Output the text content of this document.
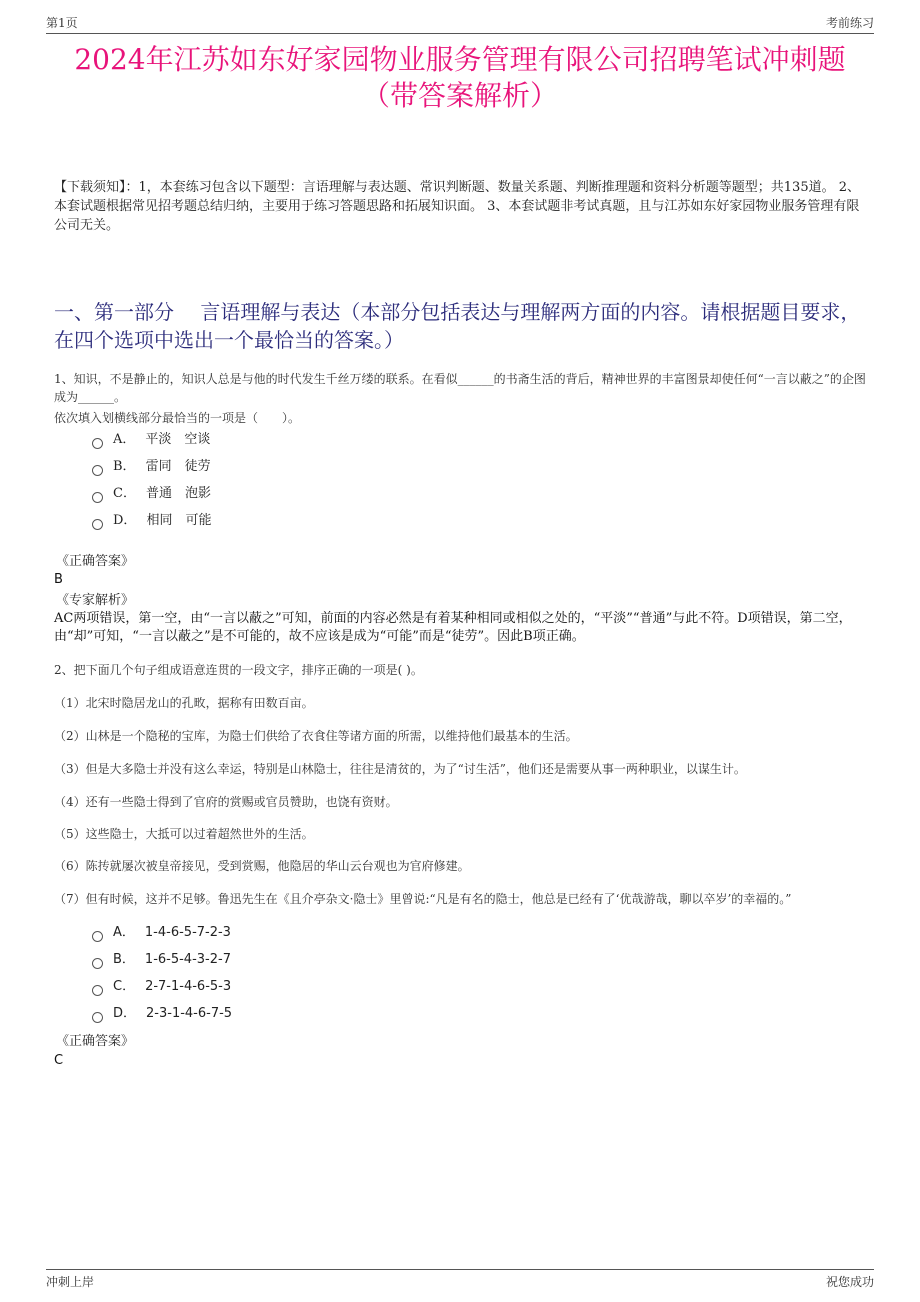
第1页	考前练习
2024年江苏如东好家园物业服务管理有限公司招聘笔试冲刺题
（带答案解析）
【下载须知】：1，本套练习包含以下题型：言语理解与表达题、常识判断题、数量关系题、判断推理题和资料分析题等题型；共135道。 2、本套试题根据常见招考题总结归纳，主要用于练习答题思路和拓展知识面。 3、本套试题非考试真题，且与江苏如东好家园物业服务管理有限公司无关。
一、第一部分　 言语理解与表达（本部分包括表达与理解两方面的内容。请根据题目要求，在四个选项中选出一个最恰当的答案。）
1、知识，不是静止的，知识人总是与他的时代发生千丝万缕的联系。在看似______的书斋生活的背后，精神世界的丰富图景却使任何“一言以蔽之”的企图成为______。
依次填入划横线部分最恰当的一项是（　　）。
A． 平淡　空谈
B． 雷同　徒劳
C． 普通　泡影
D． 相同　可能
《正确答案》
B
《专家解析》
AC两项错误，第一空，由“一言以蔽之”可知，前面的内容必然是有着某种相同或相似之处的，“平淡”“普通”与此不符。D项错误，第二空，由“却”可知，“一言以蔽之”是不可能的，故不应该是成为“可能”而是“徒劳”。因此B项正确。
2、把下面几个句子组成语意连贯的一段文字，排序正确的一项是( )。
（1）北宋时隐居龙山的孔畋，据称有田数百亩。
（2）山林是一个隐秘的宝库，为隐士们供给了衣食住等诸方面的所需，以维持他们最基本的生活。
（3）但是大多隐士并没有这么幸运，特别是山林隐士，往往是清贫的，为了“讨生活”，他们还是需要从事一两种职业，以谋生计。
（4）还有一些隐士得到了官府的赏赐或官员赞助，也饶有资财。
（5）这些隐士，大抵可以过着超然世外的生活。
（6）陈抟就屡次被皇帝接见，受到赏赐，他隐居的华山云台观也为官府修建。
（7）但有时候，这并不足够。鲁迅先生在《且介亭杂文·隐士》里曾说:“凡是有名的隐士，他总是已经有了‘优哉游哉，聊以卒岁’的幸福的。”
A． 1-4-6-5-7-2-3
B． 1-6-5-4-3-2-7
C． 2-7-1-4-6-5-3
D． 2-3-1-4-6-7-5
《正确答案》
C
冲刺上岸	祝您成功
